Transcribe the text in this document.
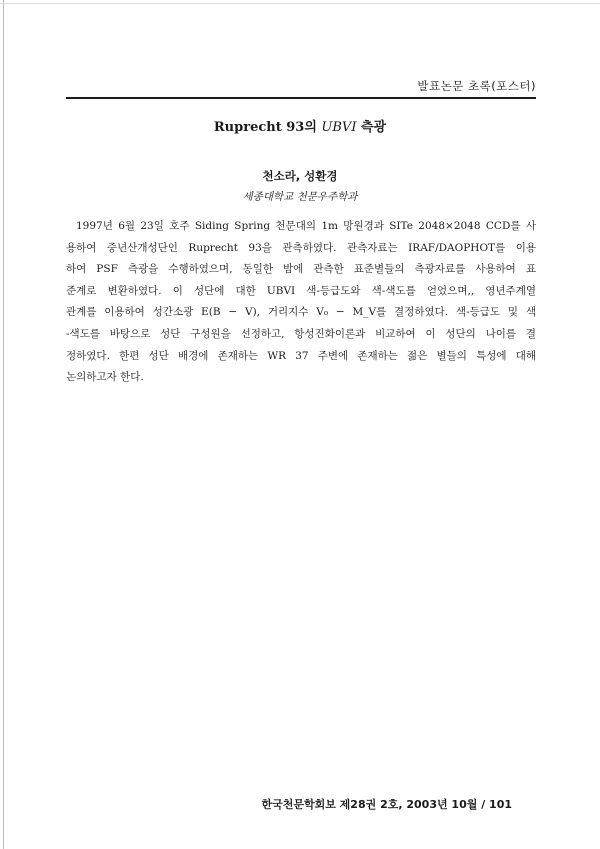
발표논문 초록(포스터)
Ruprecht 93의 UBVI 측광
천소라, 성환경
세종대학교 천문우주학과
1997년 6월 23일 호주 Siding Spring 천문대의 1m 망원경과 SITe 2048×2048 CCD를 사
용하여 중년산개성단인 Ruprecht 93을 관측하였다. 관측자료는 IRAF/DAOPHOT를 이용
하여 PSF 측광을 수행하였으며, 동일한 밤에 관측한 표준별들의 측광자료를 사용하여 표
준계로 변환하였다. 이 성단에 대한 UBVI 색-등급도와 색-색도를 얻었으며,, 영년주계열
관계를 이용하여 성간소광 E(B − V), 거리지수 V₀ − M_V를 결정하였다. 색-등급도 및 색
-색도를 바탕으로 성단 구성원을 선정하고, 항성진화이론과 비교하여 이 성단의 나이를 결
정하였다. 한편 성단 배경에 존재하는 WR 37 주변에 존재하는 젊은 별들의 특성에 대해
논의하고자 한다.
한국천문학회보 제28권 2호, 2003년 10월 / 101
